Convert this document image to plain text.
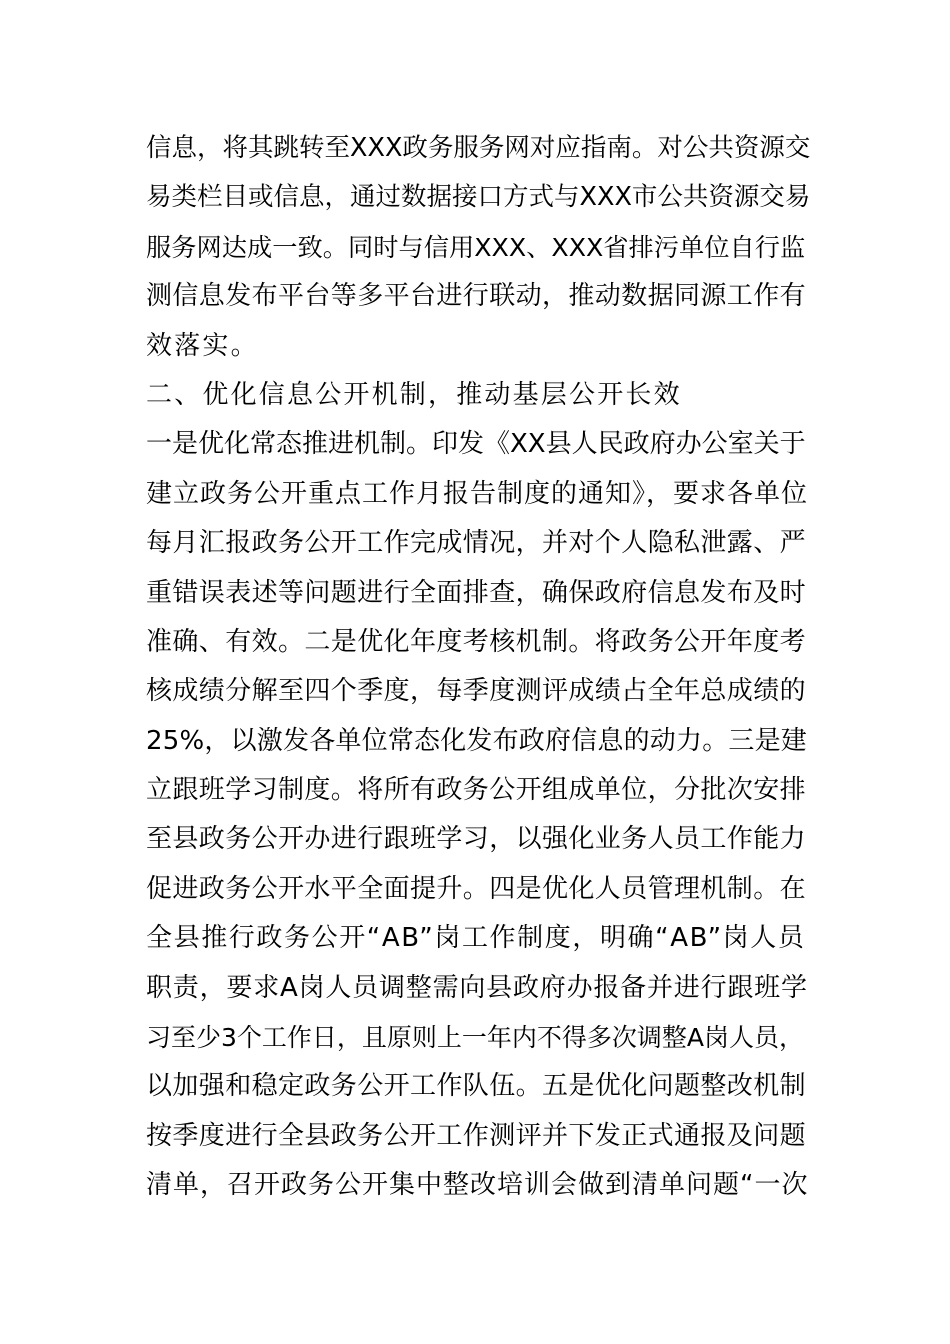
信息，将其跳转至XXX政务服务网对应指南。对公共资源交
易类栏目或信息，通过数据接口方式与XXX市公共资源交易
服务网达成一致。同时与信用XXX、XXX省排污单位自行监
测信息发布平台等多平台进行联动，推动数据同源工作有
效落实。
二、优化信息公开机制，推动基层公开长效
一是优化常态推进机制。印发《XX县人民政府办公室关于
建立政务公开重点工作月报告制度的通知》，要求各单位
每月汇报政务公开工作完成情况，并对个人隐私泄露、严
重错误表述等问题进行全面排查，确保政府信息发布及时
准确、有效。二是优化年度考核机制。将政务公开年度考
核成绩分解至四个季度，每季度测评成绩占全年总成绩的
25%，以激发各单位常态化发布政府信息的动力。三是建
立跟班学习制度。将所有政务公开组成单位，分批次安排
至县政务公开办进行跟班学习，以强化业务人员工作能力
促进政务公开水平全面提升。四是优化人员管理机制。在
全县推行政务公开“AB”岗工作制度，明确“AB”岗人员
职责，要求A岗人员调整需向县政府办报备并进行跟班学
习至少3个工作日，且原则上一年内不得多次调整A岗人员，
以加强和稳定政务公开工作队伍。五是优化问题整改机制
按季度进行全县政务公开工作测评并下发正式通报及问题
清单，召开政务公开集中整改培训会做到清单问题“一次
